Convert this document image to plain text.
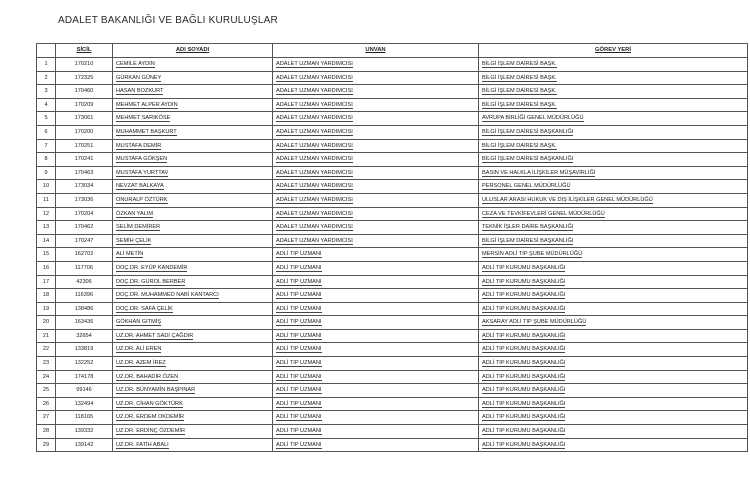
ADALET BAKANLIĞI VE BAĞLI KURULUŞLAR
	SİCİL	ADI SOYADI	UNVAN	GÖREV YERİ
1	170210	CEMİLE AYDIN	ADALET UZMAN YARDIMCISI	BİLGİ İŞLEM DAİRESİ BAŞK.
2	172325	GÜRKAN GÜNEY	ADALET UZMAN YARDIMCISI	BİLGİ İŞLEM DAİRESİ BAŞK.
3	170460	HASAN BOZKURT	ADALET UZMAN YARDIMCISI	BİLGİ İŞLEM DAİRESİ BAŞK.
4	170209	MEHMET ALPER AYDIN	ADALET UZMAN YARDIMCISI	BİLGİ İŞLEM DAİRESİ BAŞK.
5	173061	MEHMET SARIKÖSE	ADALET UZMAN YARDIMCISI	AVRUPA BİRLİĞİ GENEL MÜDÜRLÜĞÜ
6	170200	MUHAMMET BAŞKURT	ADALET UZMAN YARDIMCISI	BİLGİ İŞLEM DAİRESİ BAŞKANLIĞI
7	170251	MUSTAFA DEMİR	ADALET UZMAN YARDIMCISI	BİLGİ İŞLEM DAİRESİ BAŞK.
8	170241	MUSTAFA GÖKŞEN	ADALET UZMAN YARDIMCISI	BİLGİ İŞLEM DAİRESİ BAŞKANLIĞI
9	170463	MUSTAFA YURTTAV	ADALET UZMAN YARDIMCISI	BASIN VE HALKLA İLİŞKİLER MÜŞAVİRLİĞİ
10	173034	NEVZAT BALKAYA	ADALET UZMAN YARDIMCISI	PERSONEL GENEL MÜDÜRLÜĞÜ
11	173036	ONURALP ÖZTÜRK	ADALET UZMAN YARDIMCISI	ULUSLAR ARASI HUKUK VE DIŞ İLİŞKİLER GENEL MÜDÜRLÜĞÜ
12	170204	ÖZKAN YALIM	ADALET UZMAN YARDIMCISI	CEZA VE TEVKİFEVLERİ GENEL MÜDÜRLÜĞÜ
13	170462	SELİM DEMİRER	ADALET UZMAN YARDIMCISI	TEKNİK İŞLER DAİRE BAŞKANLIĞI
14	170247	SEMİH ÇELİK	ADALET UZMAN YARDIMCISI	BİLGİ İŞLEM DAİRESİ BAŞKANLIĞI
15	162702	ALİ METİN	ADLİ TIP UZMANI	MERSİN ADLİ TIP ŞUBE MÜDÜRLÜĞÜ
16	117706	DOÇ.DR. EYÜP KANDEMİR	ADLİ TIP UZMANI	ADLİ TIP KURUMU BAŞKANLIĞI
17	42306	DOÇ.DR. GÜROL BERBER	ADLİ TIP UZMANI	ADLİ TIP KURUMU BAŞKANLIĞI
18	116396	DOÇ.DR. MUHAMMED NABİ KANTARCI	ADLİ TIP UZMANI	ADLİ TIP KURUMU BAŞKANLIĞI
19	138486	DOÇ.DR. SAFA ÇELİK	ADLİ TIP UZMANI	ADLİ TIP KURUMU BAŞKANLIĞI
20	163436	GÖKHAN GİTMİŞ	ADLİ TIP UZMANI	AKSARAY ADLİ TIP ŞUBE MÜDÜRLÜĞÜ
21	32654	UZ.DR. AHMET SADİ ÇAĞDIR	ADLİ TIP UZMANI	ADLİ TIP KURUMU BAŞKANLIĞI
22	133819	UZ.DR. ALİ EREN	ADLİ TIP UZMANI	ADLİ TIP KURUMU BAŞKANLIĞI
23	132252	UZ.DR. AZEM İREZ	ADLİ TIP UZMANI	ADLİ TIP KURUMU BAŞKANLIĞI
24	174178	UZ.DR. BAHADIR ÖZEN	ADLİ TIP UZMANI	ADLİ TIP KURUMU BAŞKANLIĞI
25	99146	UZ.DR. BÜNYAMİN BAŞPINAR	ADLİ TIP UZMANI	ADLİ TIP KURUMU BAŞKANLIĞI
26	132494	UZ.DR. CİHAN GÖKTÜRK	ADLİ TIP UZMANI	ADLİ TIP KURUMU BAŞKANLIĞI
27	118165	UZ.DR. ERDEM OKDEMİR	ADLİ TIP UZMANI	ADLİ TIP KURUMU BAŞKANLIĞI
28	139332	UZ.DR. ERDİNÇ ÖZDEMİR	ADLİ TIP UZMANI	ADLİ TIP KURUMU BAŞKANLIĞI
29	139142	UZ.DR. FATİH ABALI	ADLİ TIP UZMANI	ADLİ TIP KURUMU BAŞKANLIĞI
